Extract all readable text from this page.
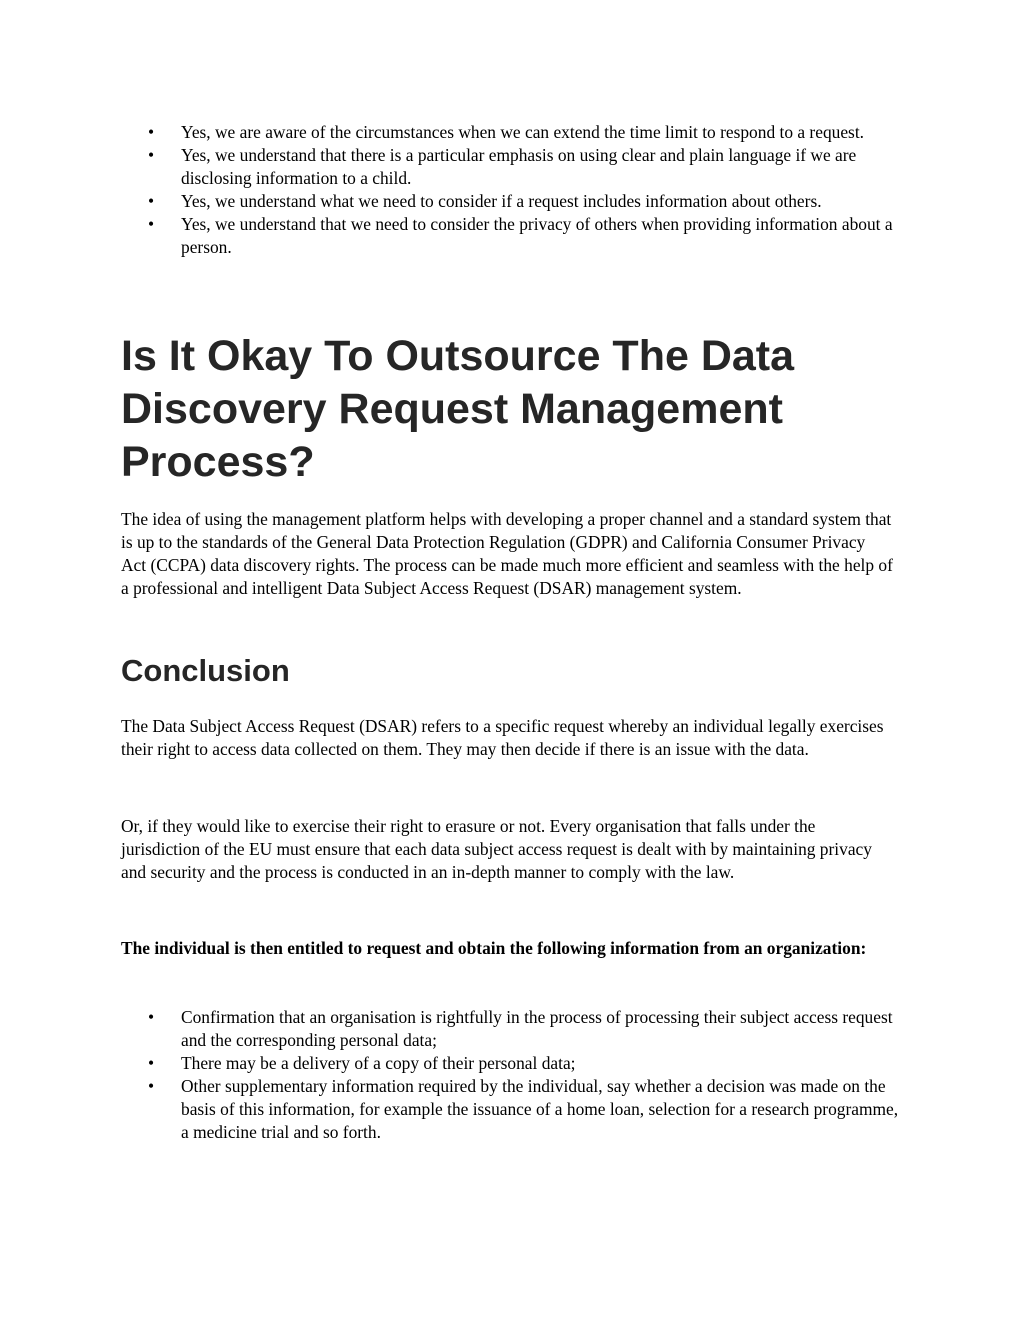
• Yes, we are aware of the circumstances when we can extend the time limit to respond to a request.
• Yes, we understand that there is a particular emphasis on using clear and plain language if we are disclosing information to a child.
• Yes, we understand what we need to consider if a request includes information about others.
• Yes, we understand that we need to consider the privacy of others when providing information about a person.
Is It Okay To Outsource The Data Discovery Request Management Process?

The idea of using the management platform helps with developing a proper channel and a standard system that is up to the standards of the General Data Protection Regulation (GDPR) and California Consumer Privacy Act (CCPA) data discovery rights. The process can be made much more efficient and seamless with the help of a professional and intelligent Data Subject Access Request (DSAR) management system.

Conclusion

The Data Subject Access Request (DSAR) refers to a specific request whereby an individual legally exercises their right to access data collected on them. They may then decide if there is an issue with the data.

Or, if they would like to exercise their right to erasure or not. Every organisation that falls under the jurisdiction of the EU must ensure that each data subject access request is dealt with by maintaining privacy and security and the process is conducted in an in-depth manner to comply with the law.

The individual is then entitled to request and obtain the following information from an organization:

• Confirmation that an organisation is rightfully in the process of processing their subject access request and the corresponding personal data;
• There may be a delivery of a copy of their personal data;
• Other supplementary information required by the individual, say whether a decision was made on the basis of this information, for example the issuance of a home loan, selection for a research programme, a medicine trial and so forth.
